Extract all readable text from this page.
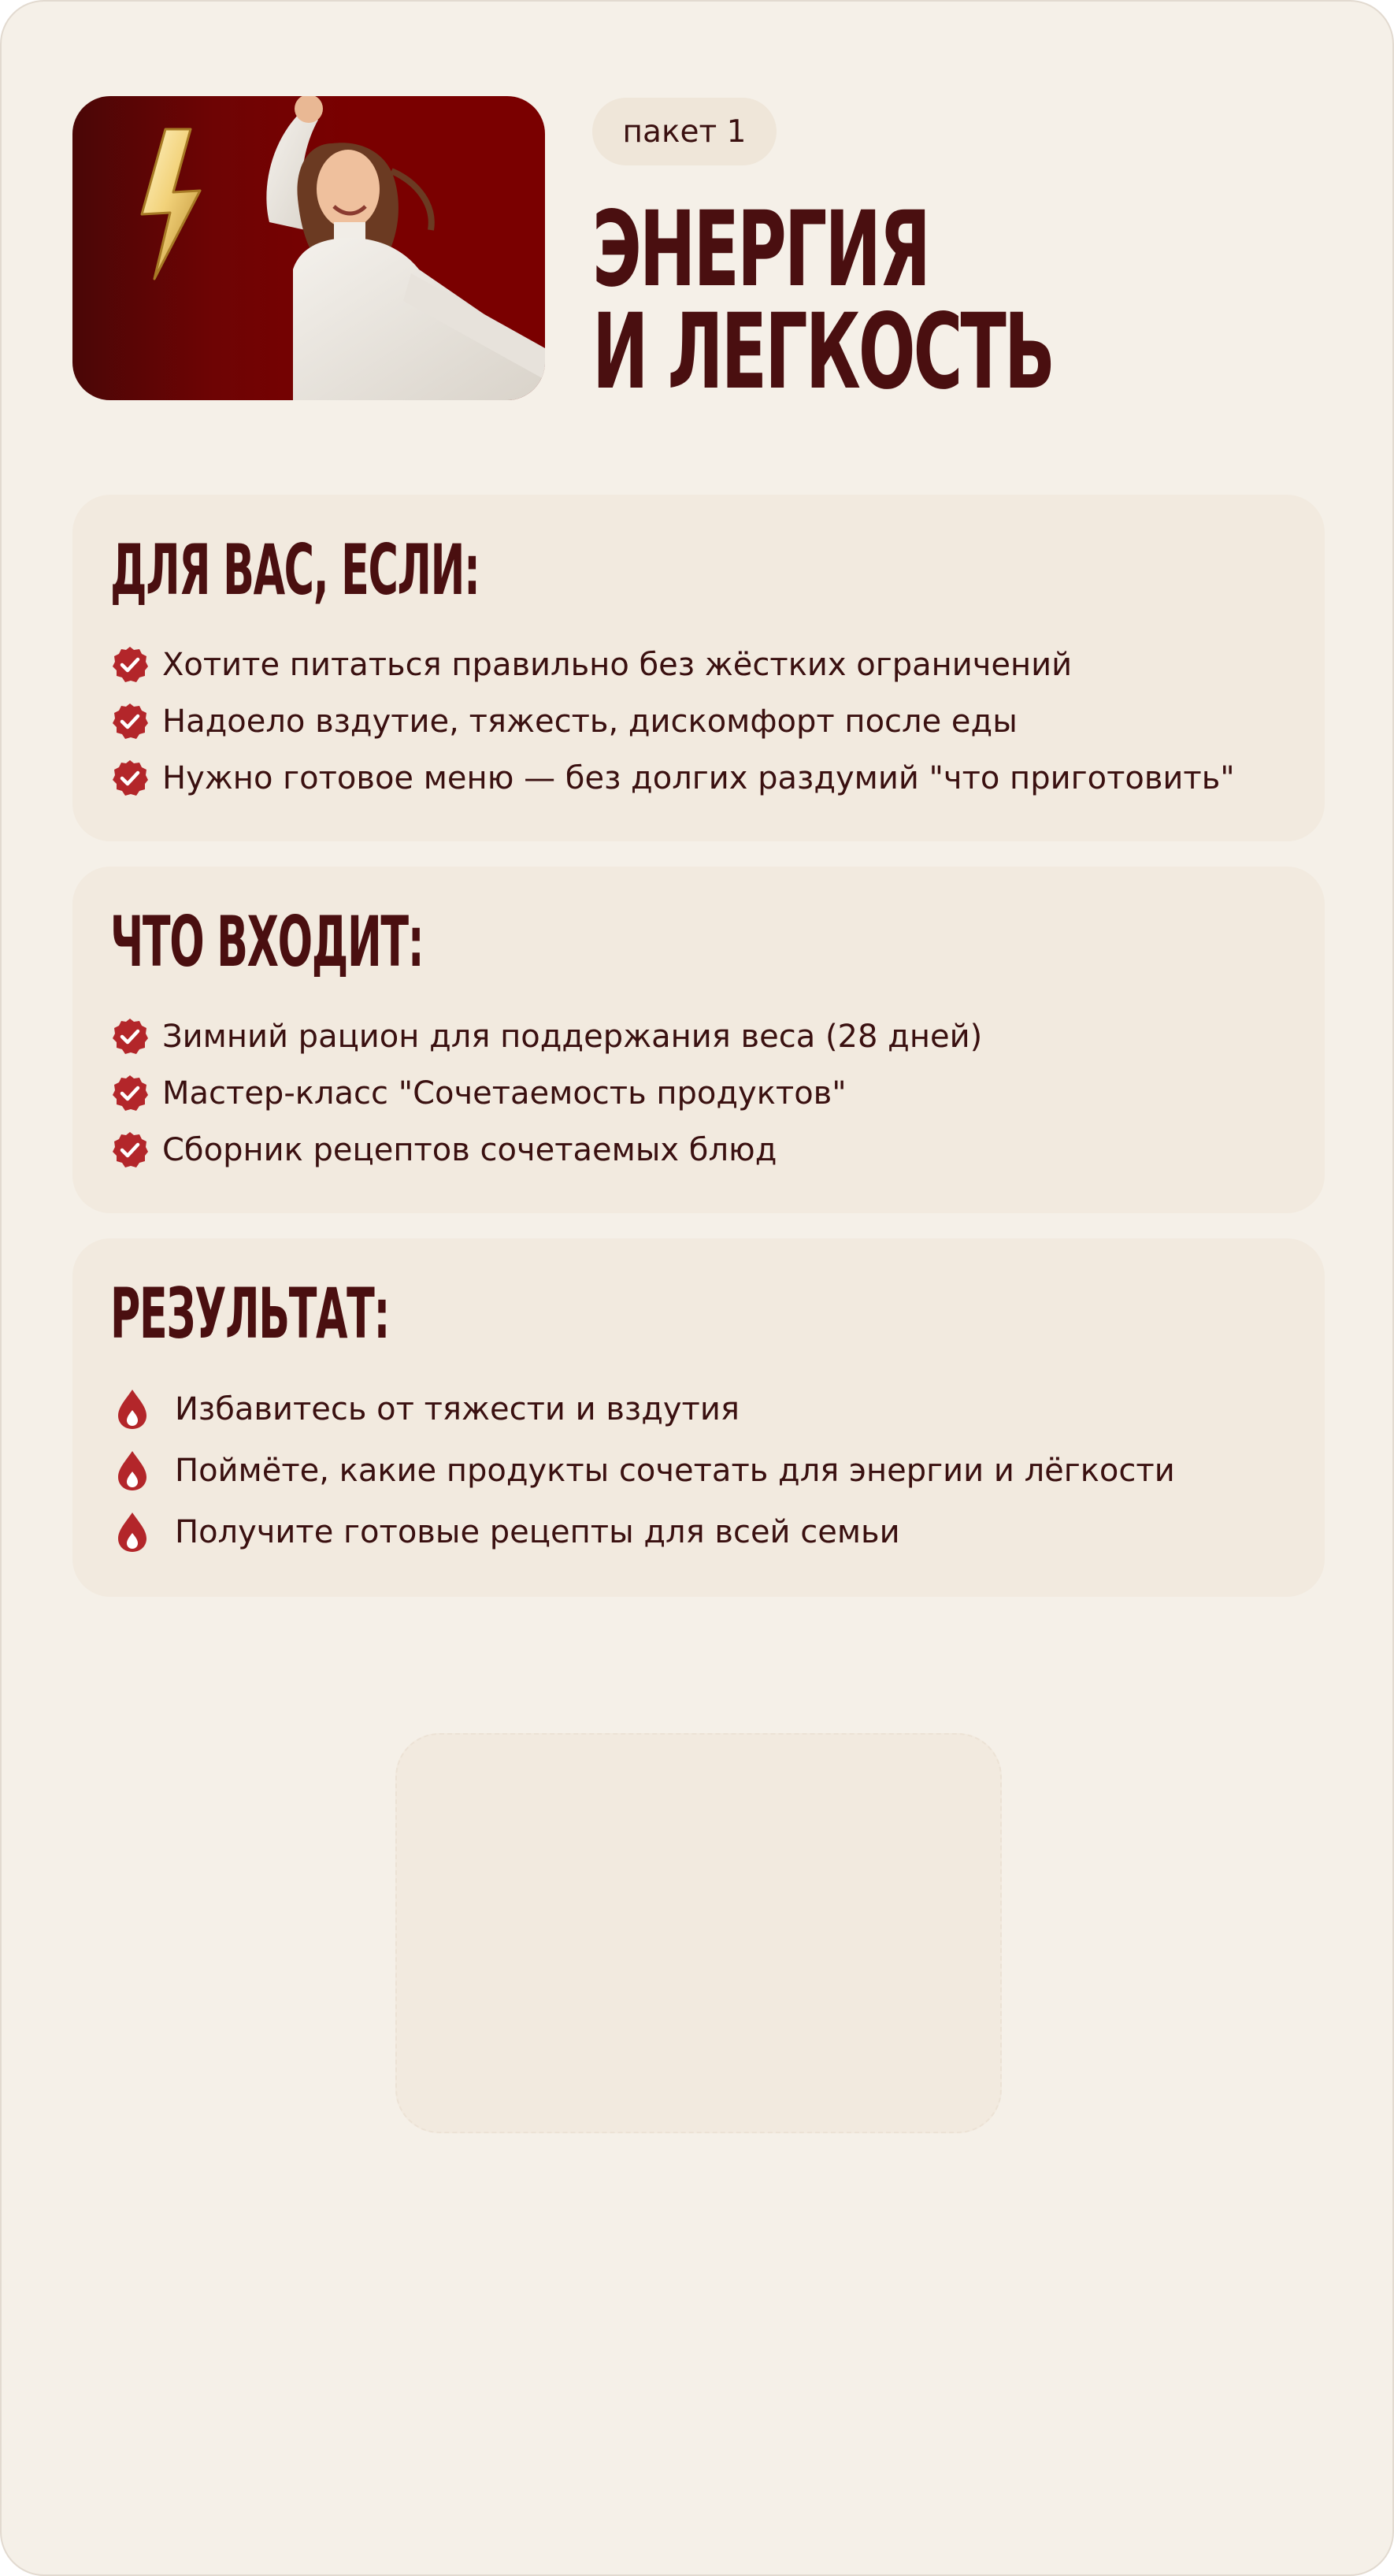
пакет 1
ЭНЕРГИЯ
И ЛЕГКОСТЬ
ДЛЯ ВАС, ЕСЛИ:
Хотите питаться правильно без жёстких ограничений
Надоело вздутие, тяжесть, дискомфорт после еды
Нужно готовое меню — без долгих раздумий "что приготовить"
ЧТО ВХОДИТ:
Зимний рацион для поддержания веса (28 дней)
Мастер-класс "Сочетаемость продуктов"
Сборник рецептов сочетаемых блюд
РЕЗУЛЬТАТ:
Избавитесь от тяжести и вздутия
Поймёте, какие продукты сочетать для энергии и лёгкости
Получите готовые рецепты для всей семьи
